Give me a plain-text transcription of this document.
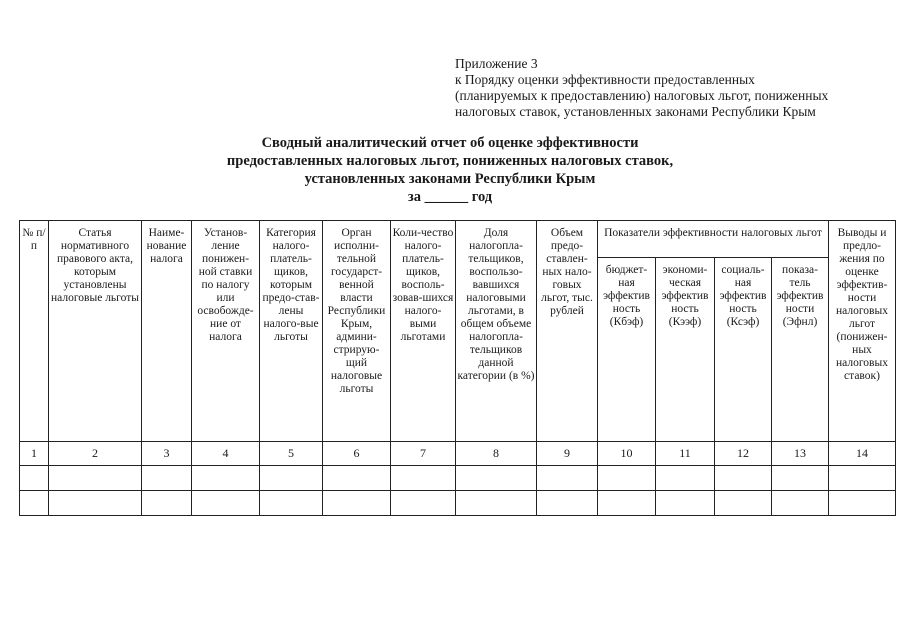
Приложение 3
к Порядку оценки эффективности предоставленных
(планируемых к предоставлению) налоговых льгот, пониженных
налоговых ставок, установленных законами Республики Крым
Сводный аналитический отчет об оценке эффективности
предоставленных налоговых льгот, пониженных налоговых ставок,
установленных законами Республики Крым
за ______ год
№ п/п	Статья нормативного правового акта, которым установлены налоговые льготы	Наиме-нование налога	Установ-ление понижен-ной ставки по налогу или освобожде-ние от налога	Категория налого-платель-щиков, которым предо-став-лены налого-вые льготы	Орган исполни-тельной государст-венной власти Республики Крым, админи-стрирую-щий налоговые льготы	Коли-чество налого-платель-щиков, восполь-зовав-шихся налого-выми льготами	Доля налогопла-тельщиков, воспользо-вавшихся налоговыми льготами, в общем объеме налогопла-тельщиков данной категории (в %)	Объем предо-ставлен-ных нало-говых льгот, тыс. рублей	Показатели эффективности налоговых льгот				Выводы и предло-жения по оценке эффектив-ности налоговых льгот (понижен-ных налоговых ставок)
									бюджет-ная эффектив ность (Кбэф)	экономи-ческая эффектив ность (Кээф)	социаль-ная эффектив ность (Ксэф)	показа-тель эффектив ности (Эфнл)	
1	2	3	4	5	6	7	8	9	10	11	12	13	14
